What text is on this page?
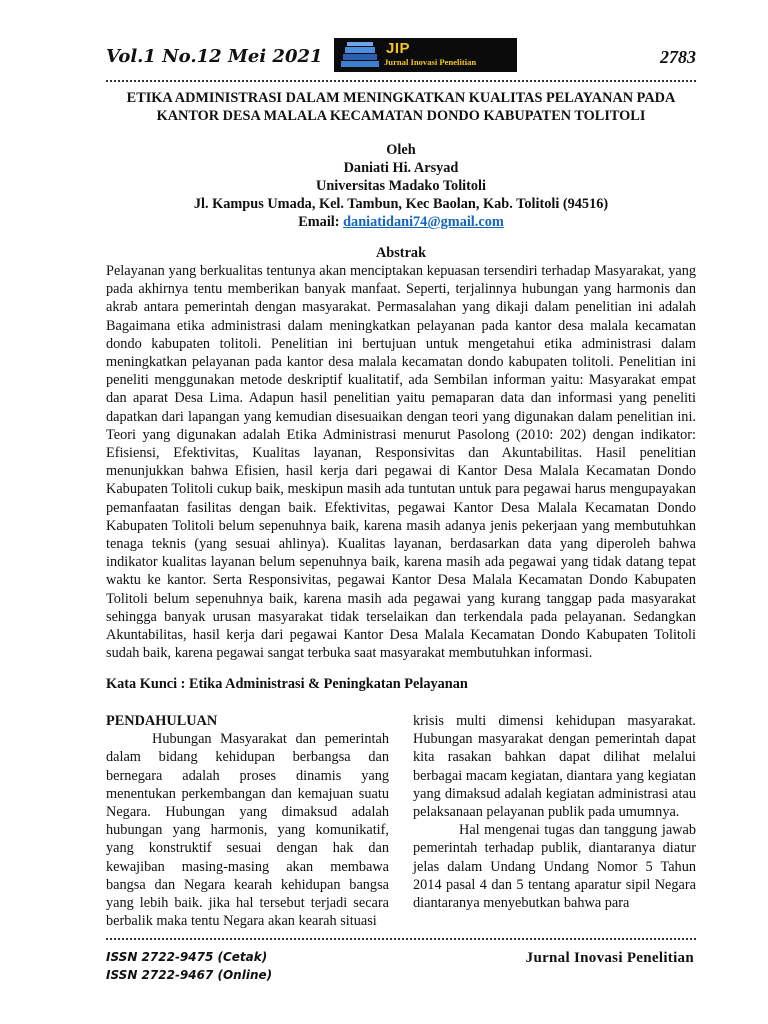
Vol.1 No.12 Mei 2021	JIP
Jurnal Inovasi Penelitian	2783
ETIKA ADMINISTRASI DALAM MENINGKATKAN KUALITAS PELAYANAN PADA
KANTOR DESA MALALA KECAMATAN DONDO KABUPATEN TOLITOLI
Oleh
Daniati Hi. Arsyad
Universitas Madako Tolitoli
Jl. Kampus Umada, Kel. Tambun, Kec Baolan, Kab. Tolitoli (94516)
Email: daniatidani74@gmail.com
Abstrak
Pelayanan yang berkualitas tentunya akan menciptakan kepuasan tersendiri terhadap Masyarakat, yang pada akhirnya tentu memberikan banyak manfaat. Seperti, terjalinnya hubungan yang harmonis dan akrab antara pemerintah dengan masyarakat. Permasalahan yang dikaji dalam penelitian ini adalah Bagaimana etika administrasi dalam meningkatkan pelayanan pada kantor desa malala kecamatan dondo kabupaten tolitoli. Penelitian ini bertujuan untuk mengetahui etika administrasi dalam meningkatkan pelayanan pada kantor desa malala kecamatan dondo kabupaten tolitoli. Penelitian ini peneliti menggunakan metode deskriptif kualitatif, ada Sembilan informan yaitu: Masyarakat empat dan aparat Desa Lima. Adapun hasil penelitian yaitu pemaparan data dan informasi yang peneliti dapatkan dari lapangan yang kemudian disesuaikan dengan teori yang digunakan dalam penelitian ini. Teori yang digunakan adalah Etika Administrasi menurut Pasolong (2010: 202) dengan indikator: Efisiensi, Efektivitas, Kualitas layanan, Responsivitas dan Akuntabilitas. Hasil penelitian menunjukkan bahwa Efisien, hasil kerja dari pegawai di Kantor Desa Malala Kecamatan Dondo Kabupaten Tolitoli cukup baik, meskipun masih ada tuntutan untuk para pegawai harus mengupayakan pemanfaatan fasilitas dengan baik. Efektivitas, pegawai Kantor Desa Malala Kecamatan Dondo Kabupaten Tolitoli belum sepenuhnya baik, karena masih adanya jenis pekerjaan yang membutuhkan tenaga teknis (yang sesuai ahlinya). Kualitas layanan, berdasarkan data yang diperoleh bahwa indikator kualitas layanan belum sepenuhnya baik, karena masih ada pegawai yang tidak datang tepat waktu ke kantor. Serta Responsivitas, pegawai Kantor Desa Malala Kecamatan Dondo Kabupaten Tolitoli belum sepenuhnya baik, karena masih ada pegawai yang kurang tanggap pada masyarakat sehingga banyak urusan masyarakat tidak terselaikan dan terkendala pada pelayanan. Sedangkan Akuntabilitas, hasil kerja dari pegawai Kantor Desa Malala Kecamatan Dondo Kabupaten Tolitoli sudah baik, karena pegawai sangat terbuka saat masyarakat membutuhkan informasi.
Kata Kunci : Etika Administrasi & Peningkatan Pelayanan
PENDAHULUAN

Hubungan Masyarakat dan pemerintah dalam bidang kehidupan berbangsa dan bernegara adalah proses dinamis yang menentukan perkembangan dan kemajuan suatu Negara. Hubungan yang dimaksud adalah hubungan yang harmonis, yang komunikatif, yang konstruktif sesuai dengan hak dan kewajiban masing-masing akan membawa bangsa dan Negara kearah kehidupan bangsa yang lebih baik. jika hal tersebut terjadi secara berbalik maka tentu Negara akan kearah situasi

krisis multi dimensi kehidupan masyarakat. Hubungan masyarakat dengan pemerintah dapat kita rasakan bahkan dapat dilihat melalui berbagai macam kegiatan, diantara yang kegiatan yang dimaksud adalah kegiatan administrasi atau pelaksanaan pelayanan publik pada umumnya.

Hal mengenai tugas dan tanggung jawab pemerintah terhadap publik, diantaranya diatur jelas dalam Undang Undang Nomor 5 Tahun 2014 pasal 4 dan 5 tentang aparatur sipil Negara diantaranya menyebutkan bahwa para

ISSN 2722-9475 (Cetak)
ISSN 2722-9467 (Online)
Jurnal Inovasi Penelitian
